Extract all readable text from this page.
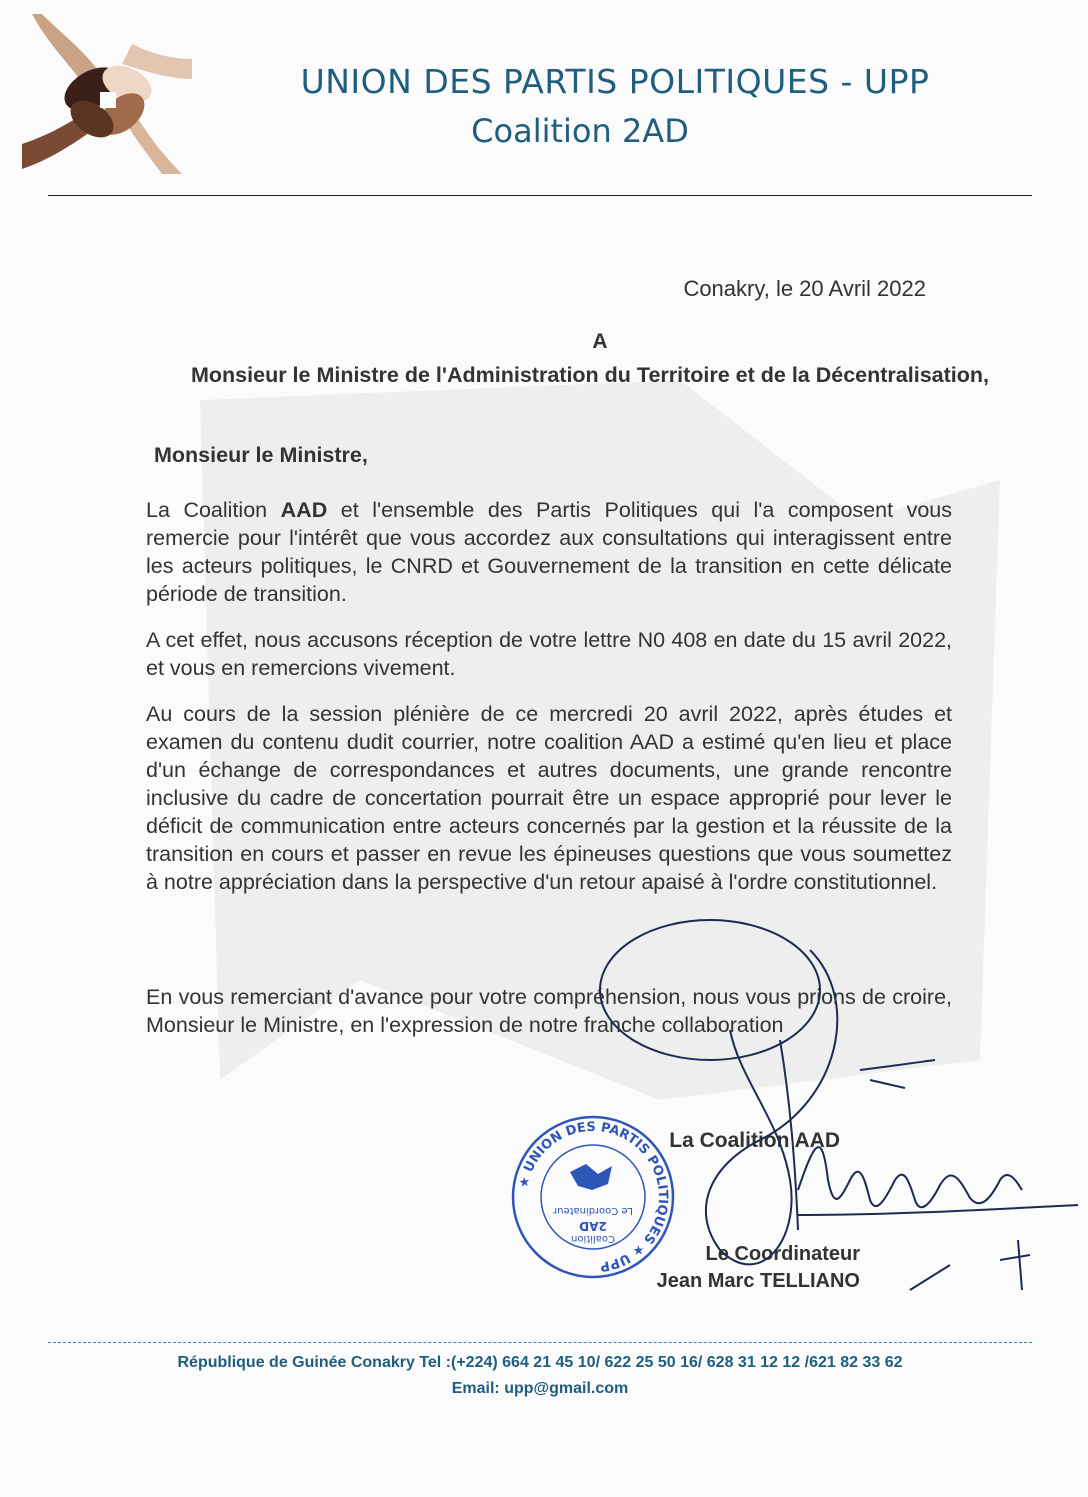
UNION DES PARTIS POLITIQUES - UPP
Coalition 2AD
Conakry, le 20 Avril 2022
A
Monsieur le Ministre de l'Administration du Territoire et de la Décentralisation,
Monsieur le Ministre,
La Coalition AAD et l'ensemble des Partis Politiques qui l'a composent vous remercie pour l'intérêt que vous accordez aux consultations qui interagissent entre les acteurs politiques, le CNRD et Gouvernement de la transition en cette délicate période de transition.
A cet effet, nous accusons réception de votre lettre N0 408 en date du 15 avril 2022, et vous en remercions vivement.
Au cours de la session plénière de ce mercredi 20 avril 2022, après études et examen du contenu dudit courrier, notre coalition AAD a estimé qu'en lieu et place d'un échange de correspondances et autres documents, une grande rencontre inclusive du cadre de concertation pourrait être un espace approprié pour lever le déficit de communication entre acteurs concernés par la gestion et la réussite de la transition en cours et passer en revue les épineuses questions que vous soumettez à notre appréciation dans la perspective d'un retour apaisé à l'ordre constitutionnel.
En vous remerciant d'avance pour votre compréhension, nous vous prions de croire, Monsieur le Ministre, en l'expression de notre franche collaboration
La Coalition AAD
Le Coordinateur
Jean Marc TELLIANO
★ UNION DES PARTIS POLITIQUES ★ UPP
Le Coordinateur
2AD
Coalition
République de Guinée Conakry Tel :(+224) 664 21 45 10/ 622 25 50 16/ 628 31 12 12 /621 82 33 62
Email: upp@gmail.com
